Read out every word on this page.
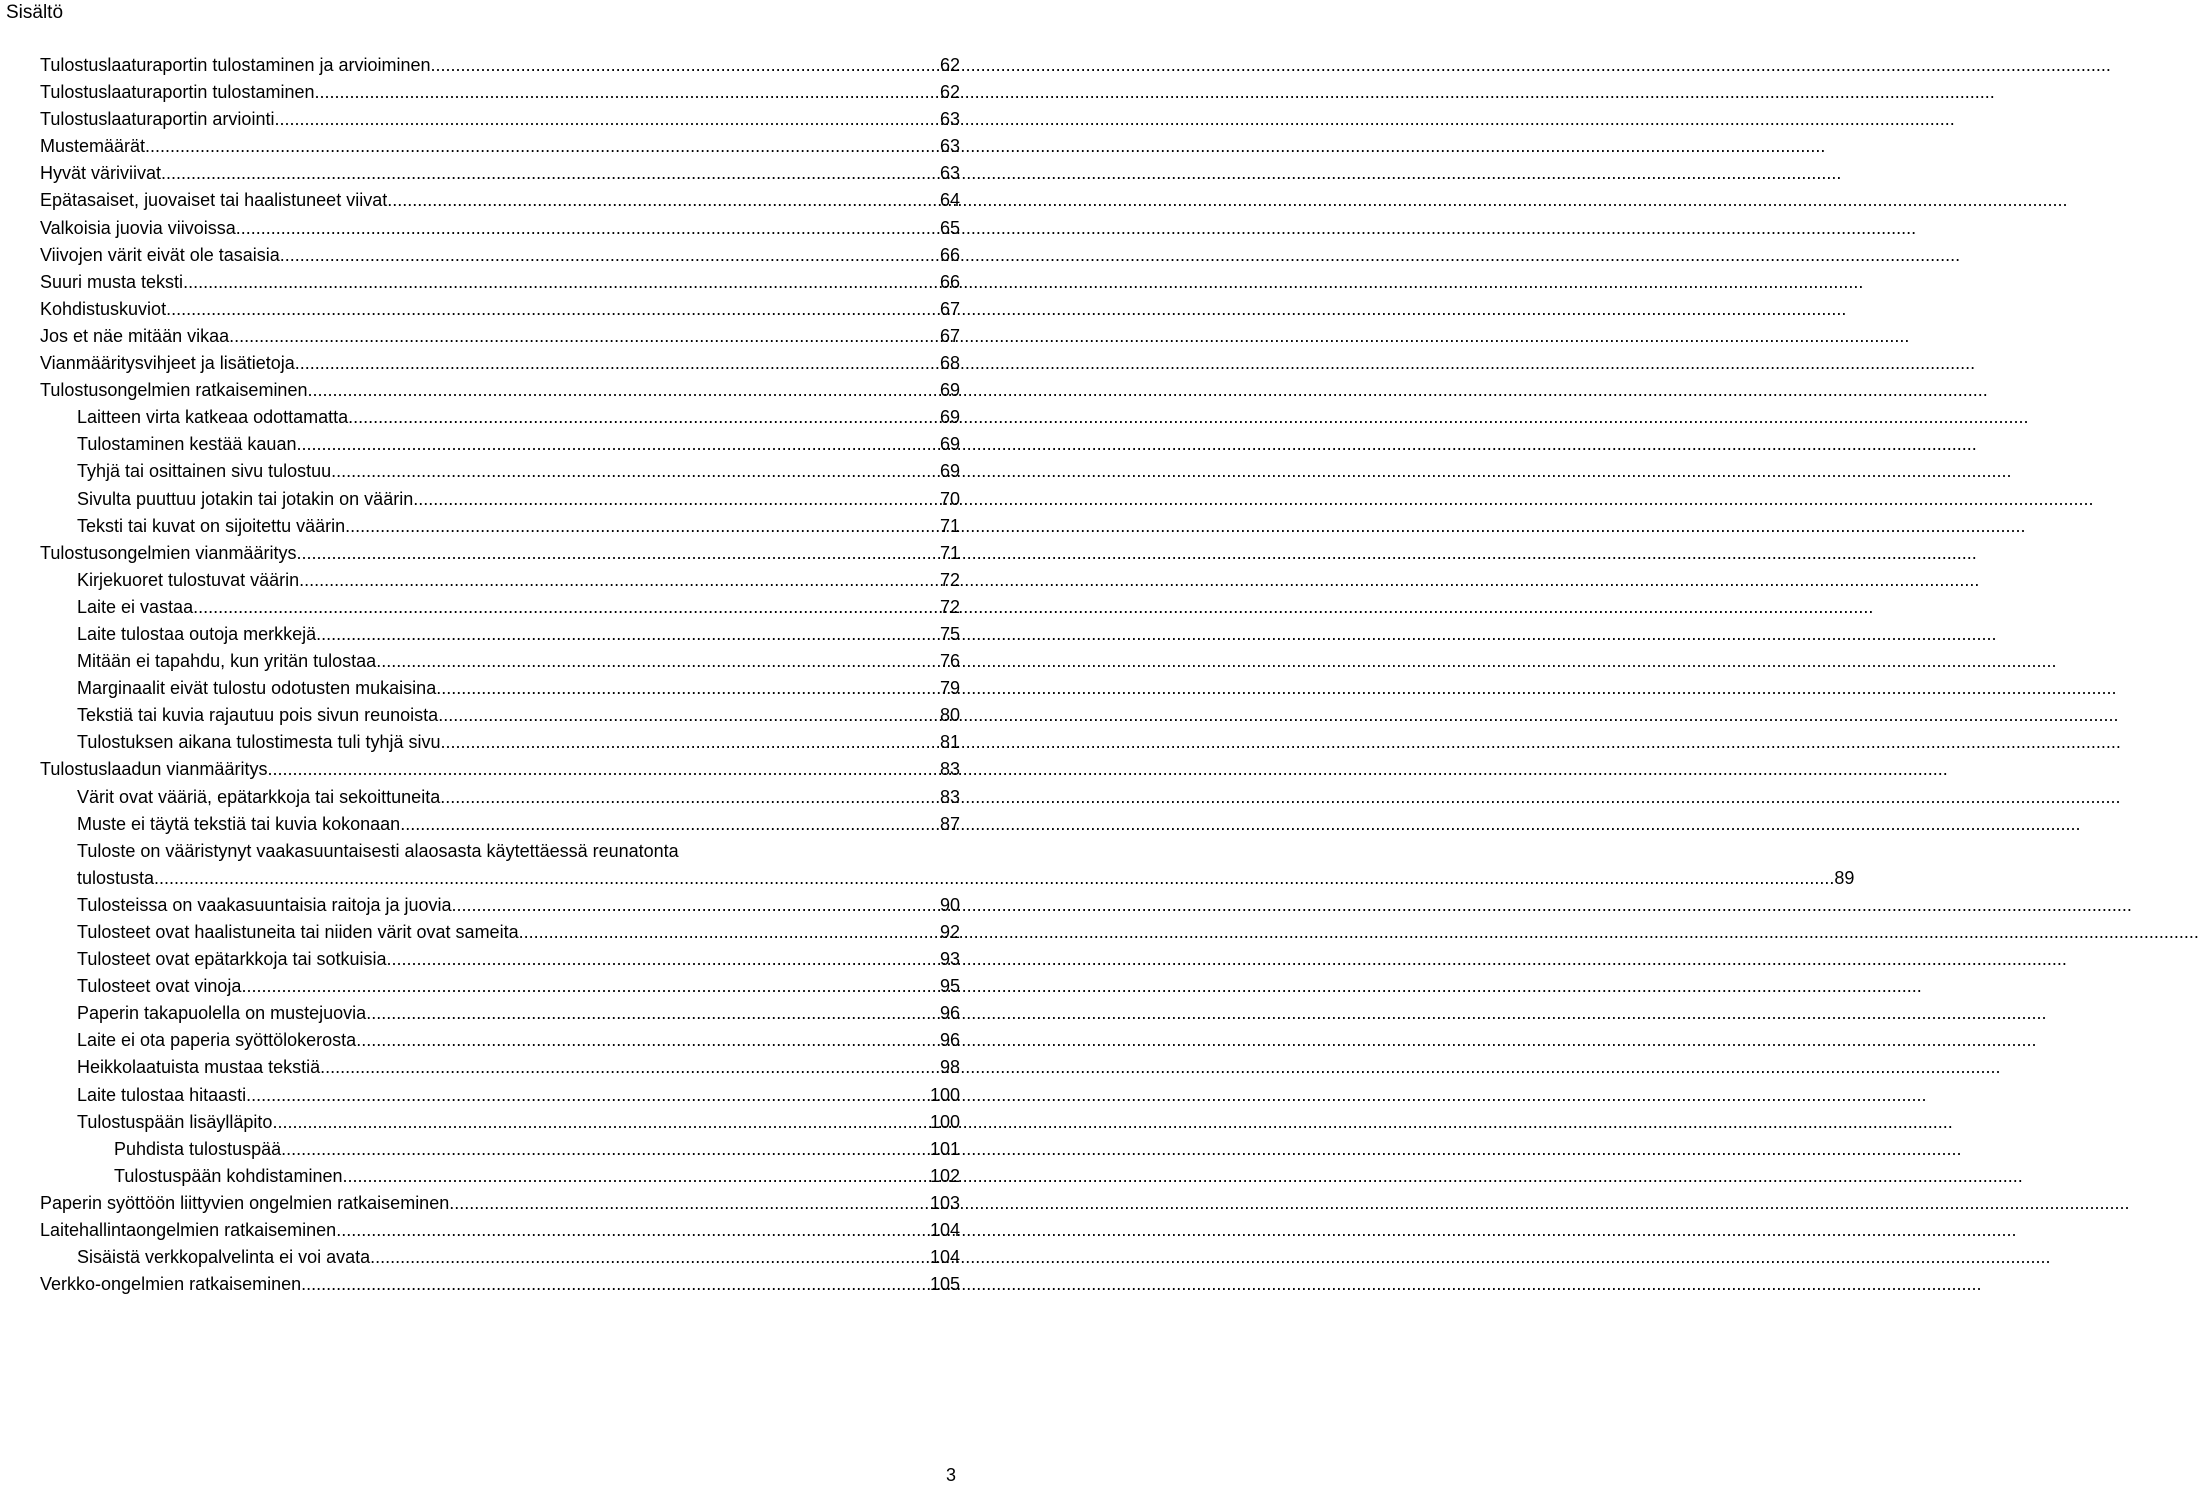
Sisältö
Tulostuslaaturaportin tulostaminen ja arvioiminen .....	62
Tulostuslaaturaportin tulostaminen .....	62
Tulostuslaaturaportin arviointi .....	63
Mustemäärät .....	63
Hyvät väriviivat .....	63
Epätasaiset, juovaiset tai haalistuneet viivat .....	64
Valkoisia juovia viivoissa .....	65
Viivojen värit eivät ole tasaisia .....	66
Suuri musta teksti .....	66
Kohdistuskuviot .....	67
Jos et näe mitään vikaa .....	67
Vianmääritysvihjeet ja lisätietoja .....	68
Tulostusongelmien ratkaiseminen .....	69
Laitteen virta katkeaa odottamatta .....	69
Tulostaminen kestää kauan .....	69
Tyhjä tai osittainen sivu tulostuu .....	69
Sivulta puuttuu jotakin tai jotakin on väärin .....	70
Teksti tai kuvat on sijoitettu väärin .....	71
Tulostusongelmien vianmääritys .....	71
Kirjekuoret tulostuvat väärin .....	72
Laite ei vastaa .....	72
Laite tulostaa outoja merkkejä .....	75
Mitään ei tapahdu, kun yritän tulostaa .....	76
Marginaalit eivät tulostu odotusten mukaisina .....	79
Tekstiä tai kuvia rajautuu pois sivun reunoista .....	80
Tulostuksen aikana tulostimesta tuli tyhjä sivu .....	81
Tulostuslaadun vianmääritys .....	83
Värit ovat vääriä, epätarkkoja tai sekoittuneita .....	83
Muste ei täytä tekstiä tai kuvia kokonaan .....	87
Tuloste on vääristynyt vaakasuuntaisesti alaosasta käytettäessä reunatonta
tulostusta .....	89
Tulosteissa on vaakasuuntaisia raitoja ja juovia .....	90
Tulosteet ovat haalistuneita tai niiden värit ovat sameita .....	92
Tulosteet ovat epätarkkoja tai sotkuisia .....	93
Tulosteet ovat vinoja .....	95
Paperin takapuolella on mustejuovia .....	96
Laite ei ota paperia syöttölokerosta .....	96
Heikkolaatuista mustaa tekstiä .....	98
Laite tulostaa hitaasti .....	100
Tulostuspään lisäylläpito .....	100
Puhdista tulostuspää .....	101
Tulostuspään kohdistaminen .....	102
Paperin syöttöön liittyvien ongelmien ratkaiseminen .....	103
Laitehallintaongelmien ratkaiseminen .....	104
Sisäistä verkkopalvelinta ei voi avata .....	104
Verkko-ongelmien ratkaiseminen .....	105
3
